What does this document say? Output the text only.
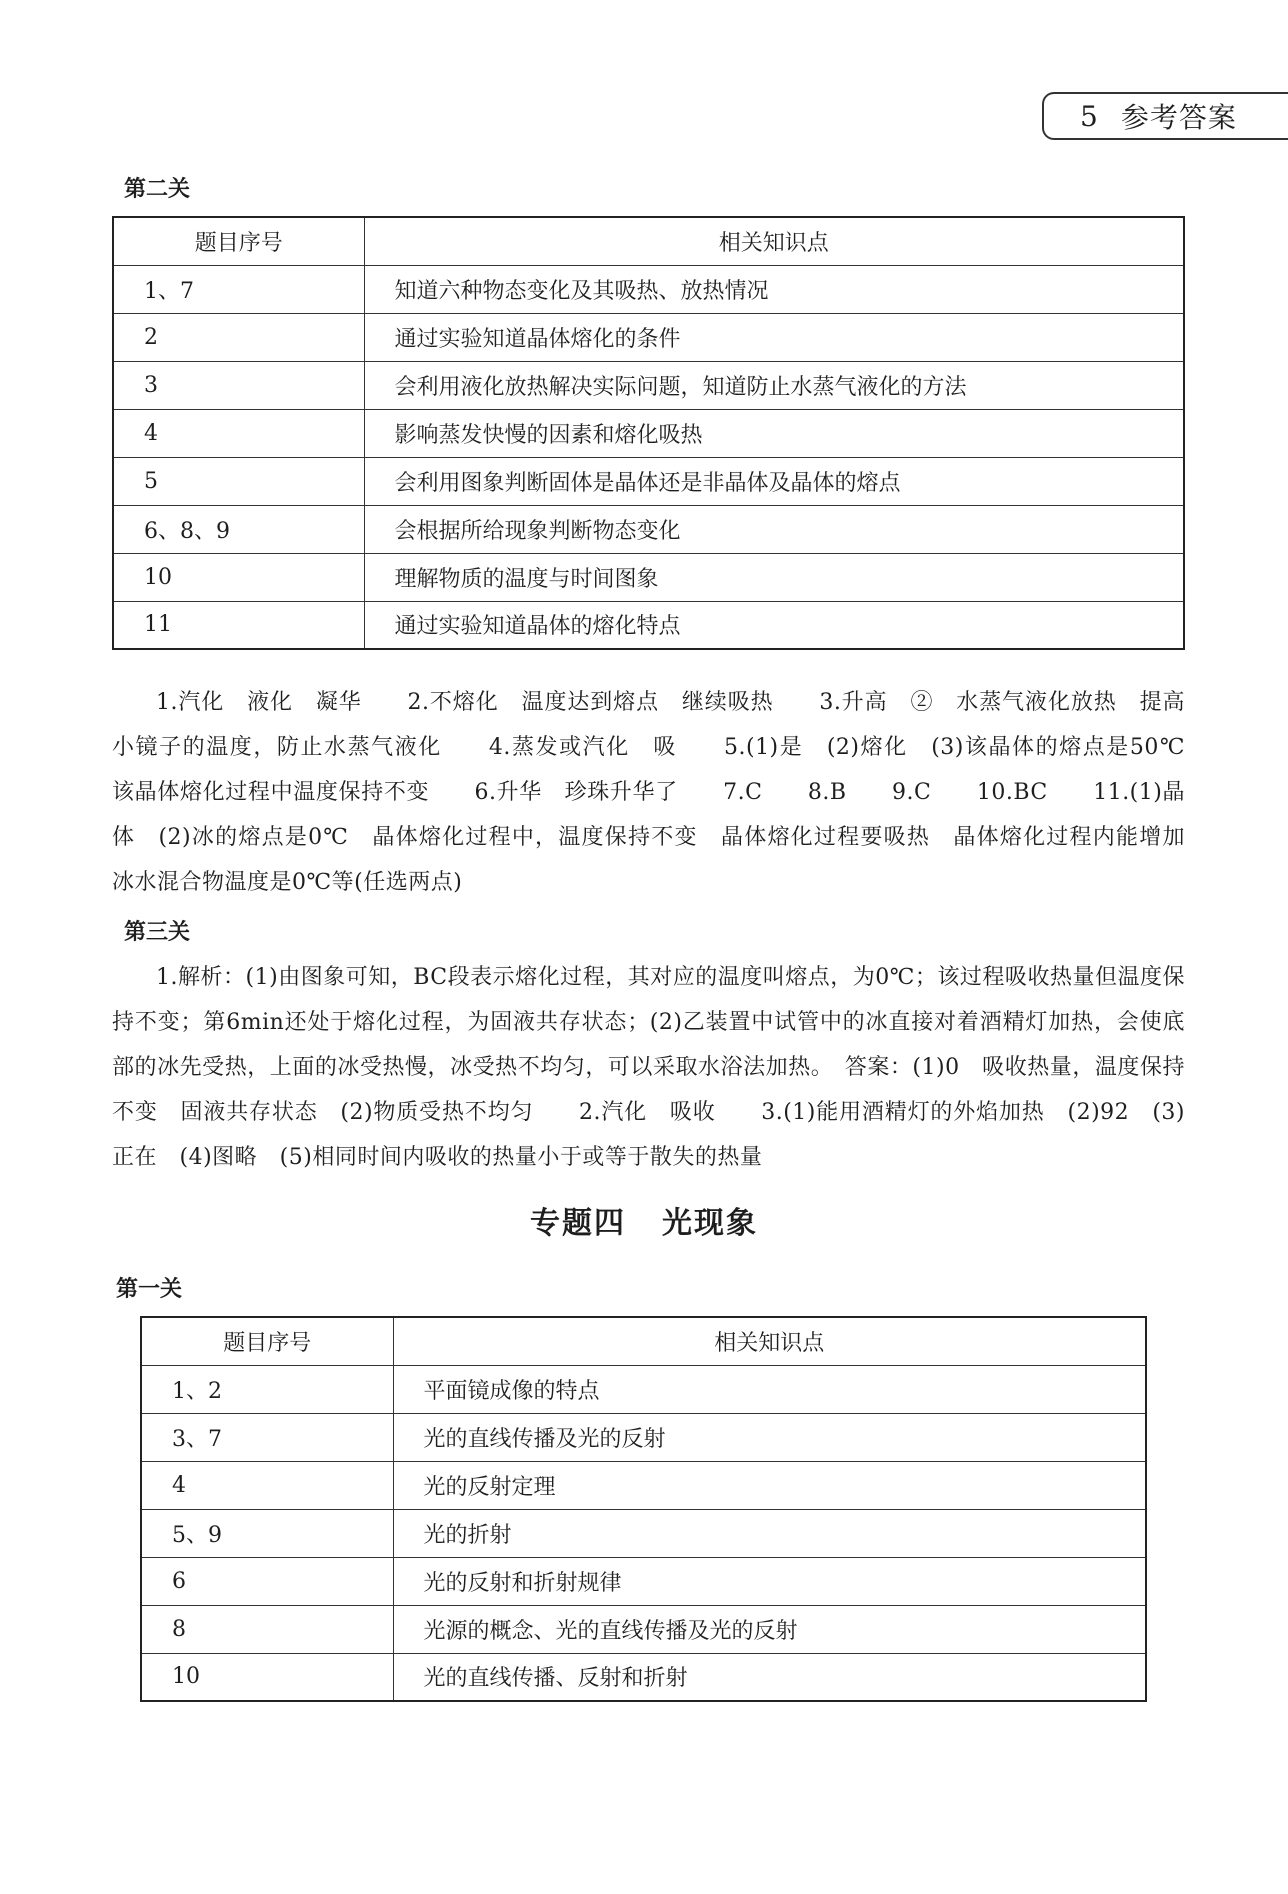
5 参考答案
第二关
题目序号	相关知识点
1、7	知道六种物态变化及其吸热、放热情况
2	通过实验知道晶体熔化的条件
3	会利用液化放热解决实际问题，知道防止水蒸气液化的方法
4	影响蒸发快慢的因素和熔化吸热
5	会利用图象判断固体是晶体还是非晶体及晶体的熔点
6、8、9	会根据所给现象判断物态变化
10	理解物质的温度与时间图象
11	通过实验知道晶体的熔化特点

1.汽化　液化　凝华　　2.不熔化　温度达到熔点　继续吸热　　3.升高　②　水蒸气液化放热　提高小镜子的温度，防止水蒸气液化　　4.蒸发或汽化　吸　　5.(1)是　(2)熔化　(3)该晶体的熔点是50℃　该晶体熔化过程中温度保持不变　　6.升华　珍珠升华了　　7.C　　8.B　　9.C　　10.BC　　11.(1)晶体　(2)冰的熔点是0℃　晶体熔化过程中，温度保持不变　晶体熔化过程要吸热　晶体熔化过程内能增加　冰水混合物温度是0℃等(任选两点)

第三关

1.解析：(1)由图象可知，BC段表示熔化过程，其对应的温度叫熔点，为0℃；该过程吸收热量但温度保持不变；第6min还处于熔化过程，为固液共存状态；(2)乙装置中试管中的冰直接对着酒精灯加热，会使底部的冰先受热，上面的冰受热慢，冰受热不均匀，可以采取水浴法加热。　答案：(1)0　吸收热量，温度保持不变　固液共存状态　(2)物质受热不均匀　　2.汽化　吸收　　3.(1)能用酒精灯的外焰加热　(2)92　(3)正在　(4)图略　(5)相同时间内吸收的热量小于或等于散失的热量

专题四 光现象
第一关
题目序号	相关知识点
1、2	平面镜成像的特点
3、7	光的直线传播及光的反射
4	光的反射定理
5、9	光的折射
6	光的反射和折射规律
8	光源的概念、光的直线传播及光的反射
10	光的直线传播、反射和折射
